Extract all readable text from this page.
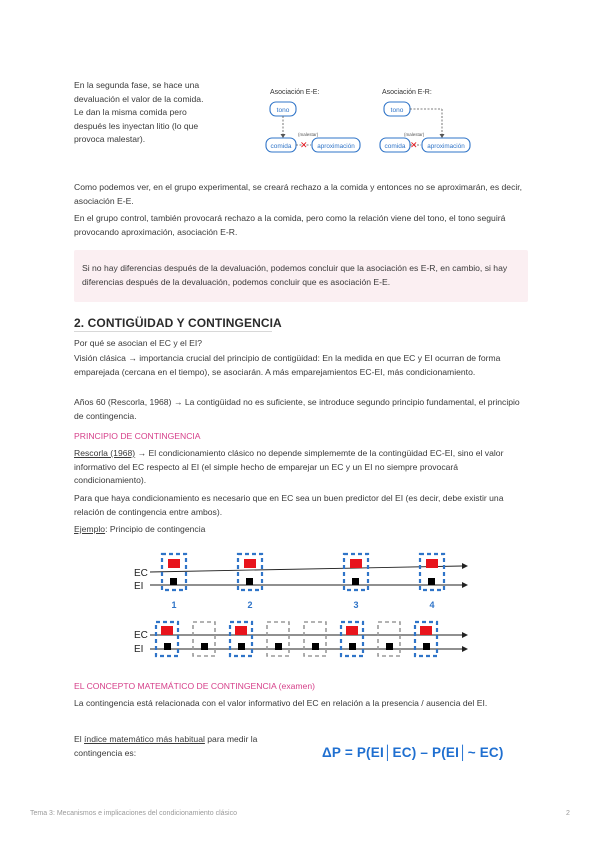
En la segunda fase, se hace una devaluación el valor de la comida. Le dan la misma comida pero después les inyectan litio (lo que provoca malestar).
Asociación E-E:
tono
comida	aproximación
(malestar)
✕
Asociación E-R:
tono
comida	aproximación
(malestar)
✕
Como podemos ver, en el grupo experimental, se creará rechazo a la comida y entonces no se aproximarán, es decir, asociación E-E.
En el grupo control, también provocará rechazo a la comida, pero como la relación viene del tono, el tono seguirá provocando aproximación, asociación E-R.
Si no hay diferencias después de la devaluación, podemos concluir que la asociación es E-R, en cambio, si hay diferencias después de la devaluación, podemos concluir que es asociación E-E.
2. CONTIGÜIDAD Y CONTINGENCIA
Por qué se asocian el EC y el EI?
Visión clásica → importancia crucial del principio de contigüidad: En la medida en que EC y EI ocurran de forma emparejada (cercana en el tiempo), se asociarán. A más emparejamientos EC-EI, más condicionamiento.
Años 60 (Rescorla, 1968) → La contigüidad no es suficiente, se introduce segundo principio fundamental, el principio de contingencia.
PRINCIPIO DE CONTINGENCIA
Rescorla (1968) → El condicionamiento clásico no depende simplememte de la contingüidad EC-EI, sino el valor informativo del EC respecto al EI (el simple hecho de emparejar un EC y un EI no siempre provocará condicionamiento).
Para que haya condicionamiento es necesario que en EC sea un buen predictor del EI (es decir, debe existir una relación de contingencia entre ambos).
Ejemplo: Principio de contingencia
EC
EI
1	2	3	4
EC
EI
EL CONCEPTO MATEMÁTICO DE CONTINGENCIA (examen)
La contingencia está relacionada con el valor informativo del EC en relación a la presencia / ausencia del EI.
El índice matemático más habitual para medir la contingencia es:	ΔP = P(EI│EC) – P(EI│~ EC)
Tema 3: Mecanismos e implicaciones del condicionamiento clásico	2
